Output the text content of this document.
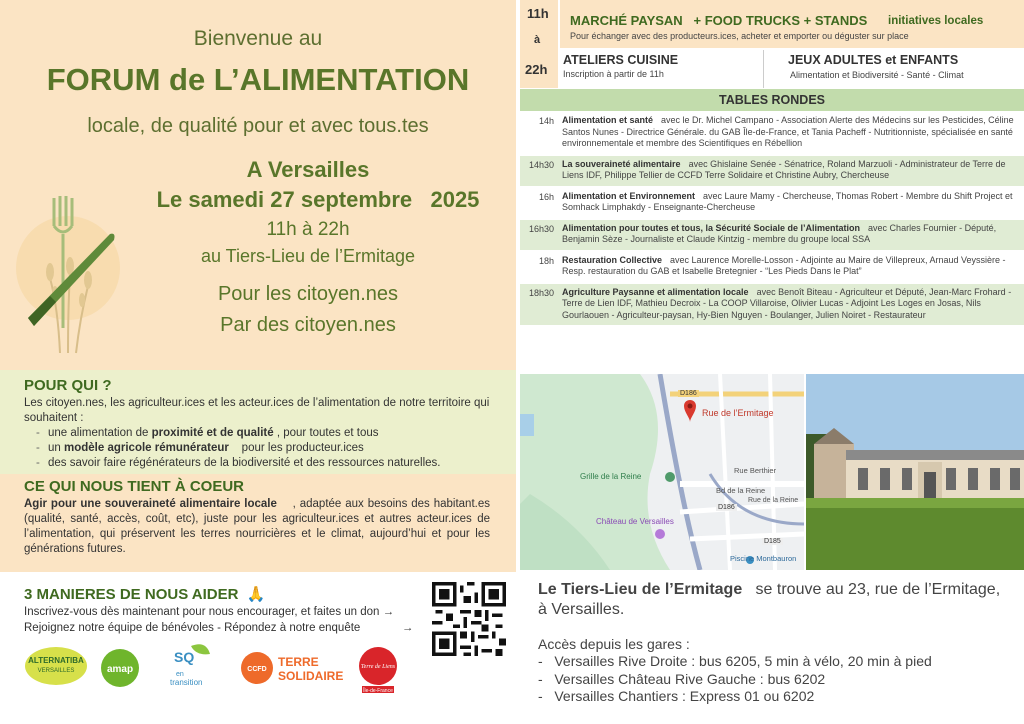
Bienvenue au
FORUM de L’ALIMENTATION
locale, de qualité pour et avec tous.tes
A Versailles
Le samedi 27 septembre   2025
11h à 22h
au Tiers-Lieu de l’Ermitage
Pour les citoyen.nes
Par des citoyen.nes
POUR QUI ?
Les citoyen.nes, les agriculteur.ices et les acteur.ices de l’alimentation de notre territoire qui souhaitent :
- une alimentation de proximité et de qualité , pour toutes et tous
- un modèle agricole rémunérateur    pour les producteur.ices
- des savoir faire régénérateurs de la biodiversité et des ressources naturelles.
CE QUI NOUS TIENT À COEUR
Agir pour une souveraineté alimentaire locale    , adaptée aux besoins des habitant.es (qualité, santé, accès, coût, etc), juste pour les agriculteur.ices et autres acteur.ices de l’alimentation, qui préservent les terres nourricières et le climat, aujourd’hui et pour les générations futures.
3 MANIERES DE NOUS AIDER 🙏
Inscrivez-vous dès maintenant pour nous encourager, et faites un don →
Rejoignez notre équipe de bénévoles - Répondez à notre enquête	→
ALTERNATIBA
VERSAILLES	amap
SQ
en
transition
CCFD
TERRE
SOLIDAIRE
Terre de Liens
Île-de-France
11h
à
22h
MARCHÉ PAYSAN   + FOOD TRUCKS + STANDS initiatives locales
Pour échanger avec des producteurs.ices, acheter et emporter ou déguster sur place
ATELIERS CUISINE
Inscription à partir de 11h
JEUX ADULTES et ENFANTS
Alimentation et Biodiversité - Santé - Climat
TABLES RONDES
14h Alimentation et santé avec le Dr. Michel Campano - Association Alerte des Médecins sur les Pesticides, Céline Santos Nunes - Directrice Générale. du GAB Île-de-France, et Tania Pacheff - Nutritionniste, spécialisée en santé environnementale et membre des Scientifiques en Rébellion
14h30 La souveraineté alimentaire avec Ghislaine Senée - Sénatrice, Roland Marzuoli - Administrateur de Terre de Liens IDF, Philippe Tellier de CCFD Terre Solidaire et Christine Aubry, Chercheuse
16h Alimentation et Environnement avec Laure Mamy - Chercheuse, Thomas Robert - Membre du Shift Project et Somhack Limphakdy - Enseignante-Chercheuse
16h30 Alimentation pour toutes et tous, la Sécurité Sociale de l’Alimentation avec Charles Fournier - Député, Benjamin Sèze - Journaliste et Claude Kintzig - membre du groupe local SSA
18h Restauration Collective avec Laurence Morelle-Losson - Adjointe au Maire de Villepreux, Arnaud Veyssière - Resp. restauration du GAB et Isabelle Bretegnier - “Les Pieds Dans le Plat”
18h30 Agriculture Paysanne et alimentation locale avec Benoît Biteau - Agriculteur et Député, Jean-Marc Frohard - Terre de Lien IDF, Mathieu Decroix - La COOP Villaroise, Olivier Lucas - Adjoint Les Loges en Josas, Nils Gourlaouen - Agriculteur-paysan, Hy-Bien Nguyen - Boulanger, Julien Noiret - Restaurateur
D186
Rue de l’Ermitage
Rue Berthier
Bd de la Reine
Rue de la Reine
Grille de la Reine
D186
Château de Versailles
D185
Piscine Montbauron
Le Tiers-Lieu de l’Ermitage   se trouve au 23, rue de l’Ermitage, à Versailles.
Accès depuis les gares :
-   Versailles Rive Droite : bus 6205, 5 min à vélo, 20 min à pied
-   Versailles Château Rive Gauche : bus 6202
-   Versailles Chantiers : Express 01 ou 6202
